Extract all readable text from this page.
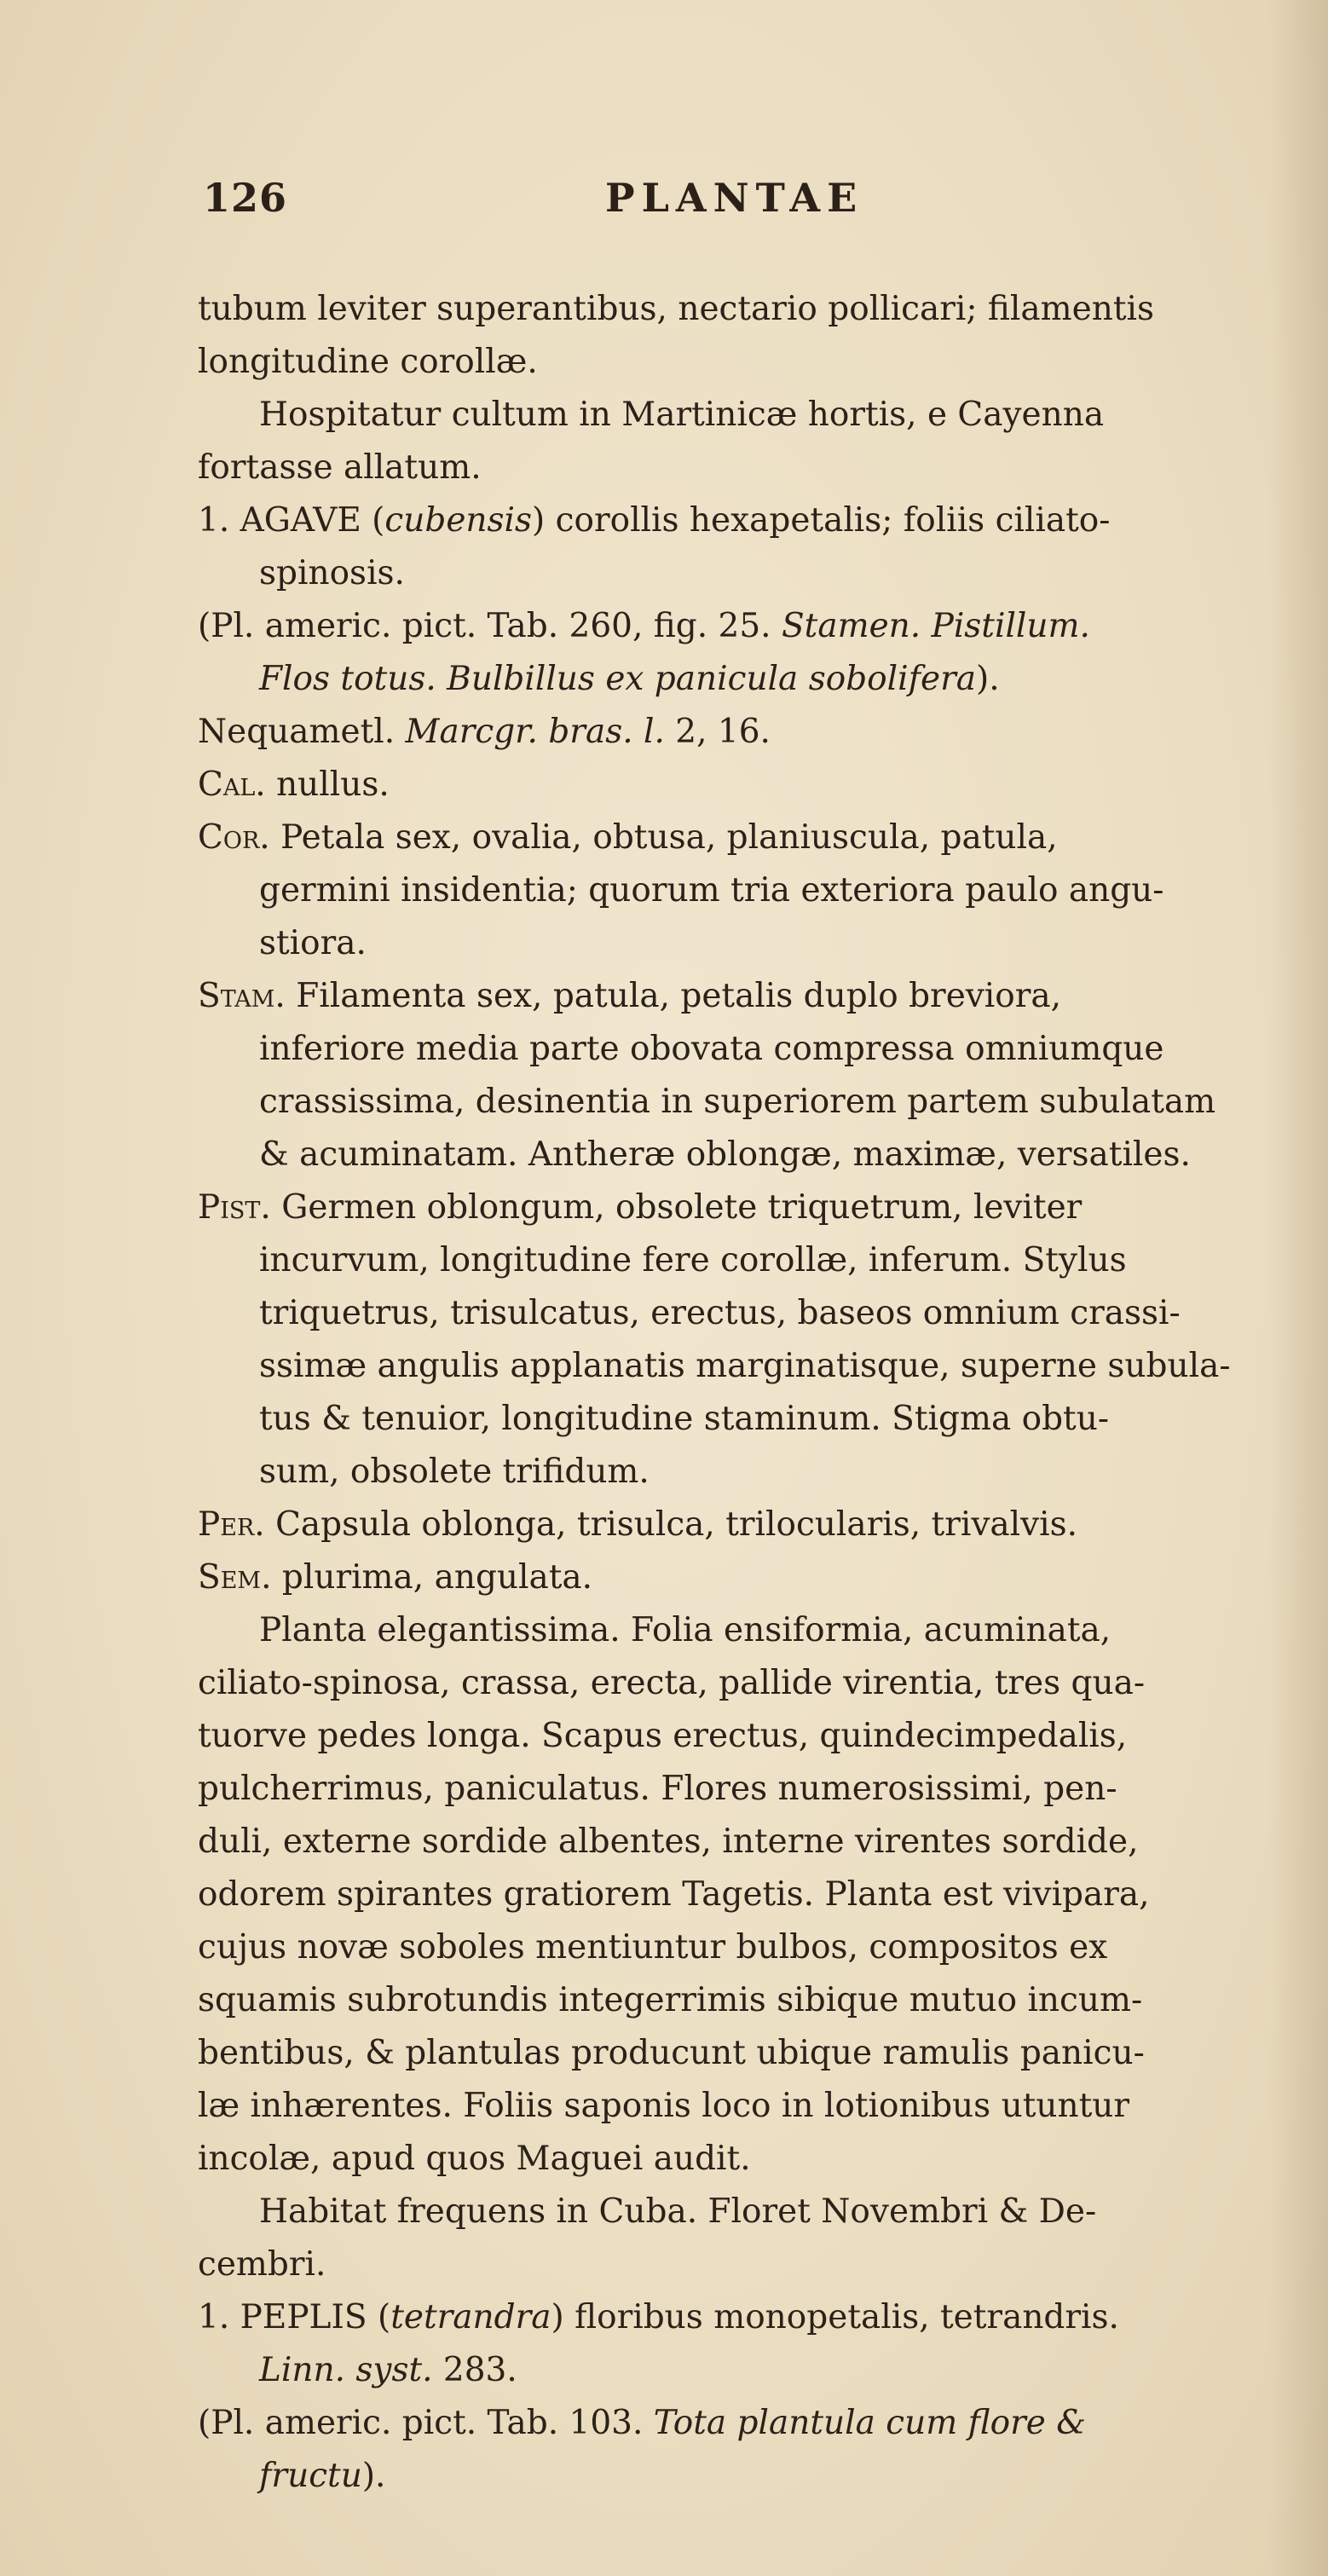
126	PLANTAE
tubum leviter superantibus, nectario pollicari; filamentis
longitudine corollæ.
Hospitatur cultum in Martinicæ hortis, e Cayenna
fortasse allatum.
1. AGAVE (cubensis) corollis hexapetalis; foliis ciliato-
spinosis.
(Pl. americ. pict. Tab. 260, fig. 25. Stamen. Pistillum.
Flos totus. Bulbillus ex panicula sobolifera).
Nequametl. Marcgr. bras. l. 2, 16.
Cal. nullus.
Cor. Petala sex, ovalia, obtusa, planiuscula, patula,
germini insidentia; quorum tria exteriora paulo angu-
stiora.
Stam. Filamenta sex, patula, petalis duplo breviora,
inferiore media parte obovata compressa omniumque
crassissima, desinentia in superiorem partem subulatam
& acuminatam. Antheræ oblongæ, maximæ, versatiles.
Pist. Germen oblongum, obsolete triquetrum, leviter
incurvum, longitudine fere corollæ, inferum. Stylus
triquetrus, trisulcatus, erectus, baseos omnium crassi-
ssimæ angulis applanatis marginatisque, superne subula-
tus & tenuior, longitudine staminum. Stigma obtu-
sum, obsolete trifidum.
Per. Capsula oblonga, trisulca, trilocularis, trivalvis.
Sem. plurima, angulata.
Planta elegantissima. Folia ensiformia, acuminata,
ciliato-spinosa, crassa, erecta, pallide virentia, tres qua-
tuorve pedes longa. Scapus erectus, quindecimpedalis,
pulcherrimus, paniculatus. Flores numerosissimi, pen-
duli, externe sordide albentes, interne virentes sordide,
odorem spirantes gratiorem Tagetis. Planta est vivipara,
cujus novæ soboles mentiuntur bulbos, compositos ex
squamis subrotundis integerrimis sibique mutuo incum-
bentibus, & plantulas producunt ubique ramulis panicu-
læ inhærentes. Foliis saponis loco in lotionibus utuntur
incolæ, apud quos Maguei audit.
Habitat frequens in Cuba. Floret Novembri & De-
cembri.
1. PEPLIS (tetrandra) floribus monopetalis, tetrandris.
Linn. syst. 283.
(Pl. americ. pict. Tab. 103. Tota plantula cum flore &
fructu).
